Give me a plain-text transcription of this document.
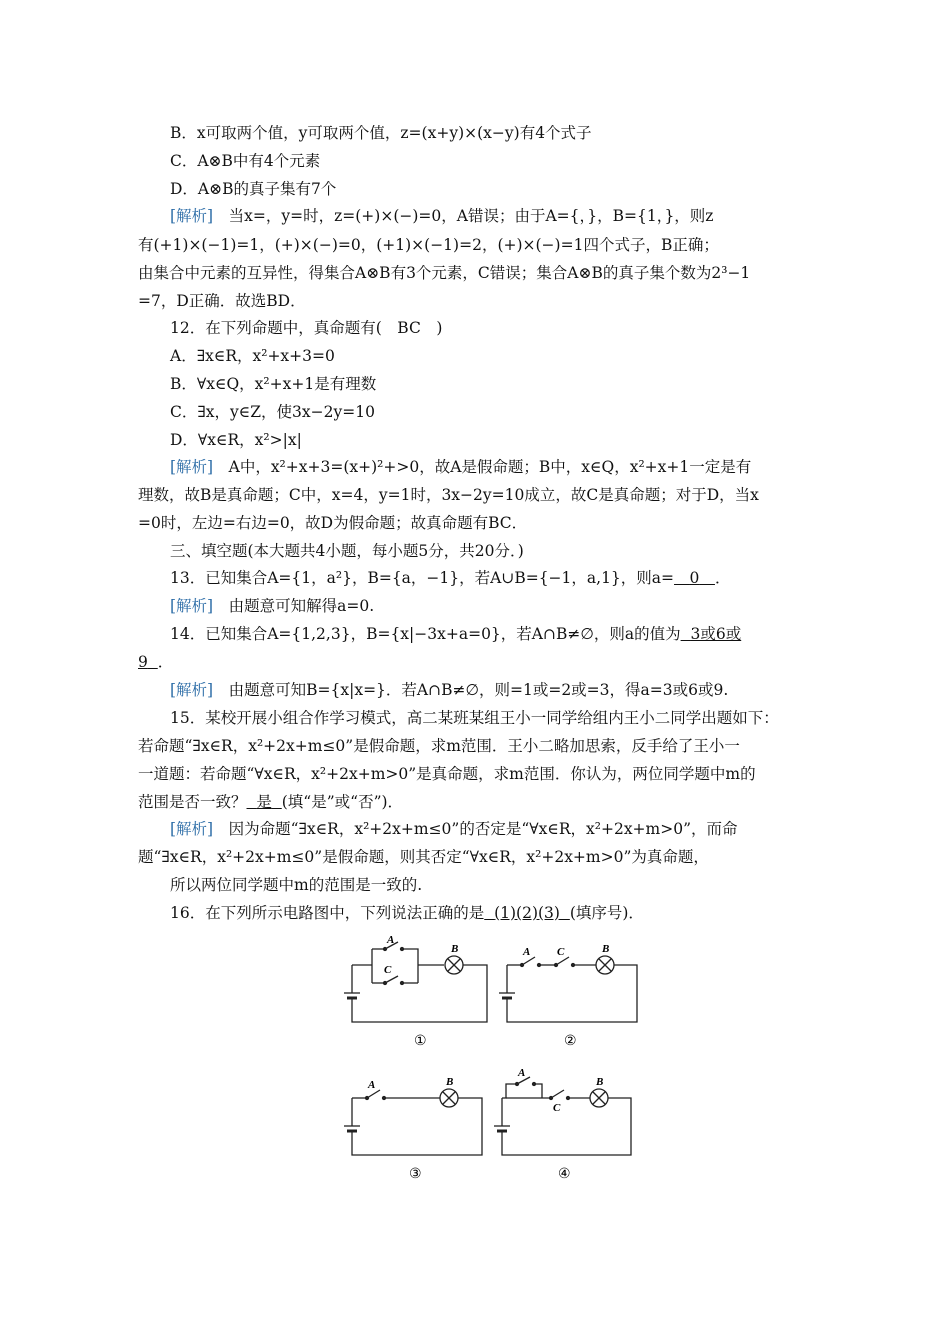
B．x可取两个值，y可取两个值，z=(x+y)×(x−y)有4个式子
C．A⊗B中有4个元素
D．A⊗B的真子集有7个
[解析]　 当x=，y=时，z=(+)×(−)=0，A错误；由于A={，}，B={1，}，则z
有(+1)×(−1)=1，(+)×(−)=0，(+1)×(−1)=2，(+)×(−)=1四个式子，B正确；
由集合中元素的互异性，得集合A⊗B有3个元素，C错误；集合A⊗B的真子集个数为2³−1
=7，D正确．故选BD．
12．在下列命题中，真命题有(　 BC　 )
A．∃x∈R，x²+x+3=0
B．∀x∈Q，x²+x+1是有理数
C．∃x，y∈Z，使3x−2y=10
D．∀x∈R，x²>|x|
[解析]　 A中，x²+x+3=(x+)²+>0，故A是假命题；B中，x∈Q，x²+x+1一定是有
理数，故B是真命题；C中，x=4，y=1时，3x−2y=10成立，故C是真命题；对于D，当x
=0时，左边=右边=0，故D为假命题；故真命题有BC．
三、填空题(本大题共4小题，每小题5分，共20分．)
13．已知集合A={1，a²}，B={a，−1}，若A∪B={−1，a,1}，则a=　 0　 ．
[解析]　 由题意可知解得a=0.
14．已知集合A={1,2,3}，B={x|−3x+a=0}，若A∩B≠∅，则a的值为 3或6或
9 ．
[解析]　 由题意可知B={x|x=}．若A∩B≠∅，则=1或=2或=3，得a=3或6或9.
15．某校开展小组合作学习模式，高二某班某组王小一同学给组内王小二同学出题如下：
若命题“∃x∈R，x²+2x+m≤0”是假命题，求m范围．王小二略加思索，反手给了王小一
一道题：若命题“∀x∈R，x²+2x+m>0”是真命题，求m范围．你认为，两位同学题中m的
范围是否一致？ 是 (填“是”或“否”)．
[解析]　 因为命题“∃x∈R，x²+2x+m≤0”的否定是“∀x∈R，x²+2x+m>0”，而命
题“∃x∈R，x²+2x+m≤0”是假命题，则其否定“∀x∈R，x²+2x+m>0”为真命题，
所以两位同学题中m的范围是一致的.
16．在下列所示电路图中，下列说法正确的是 (1)(2)(3) (填序号)．
A
C
B
①
A C	B
②
A	B
③
A
C
B
④
